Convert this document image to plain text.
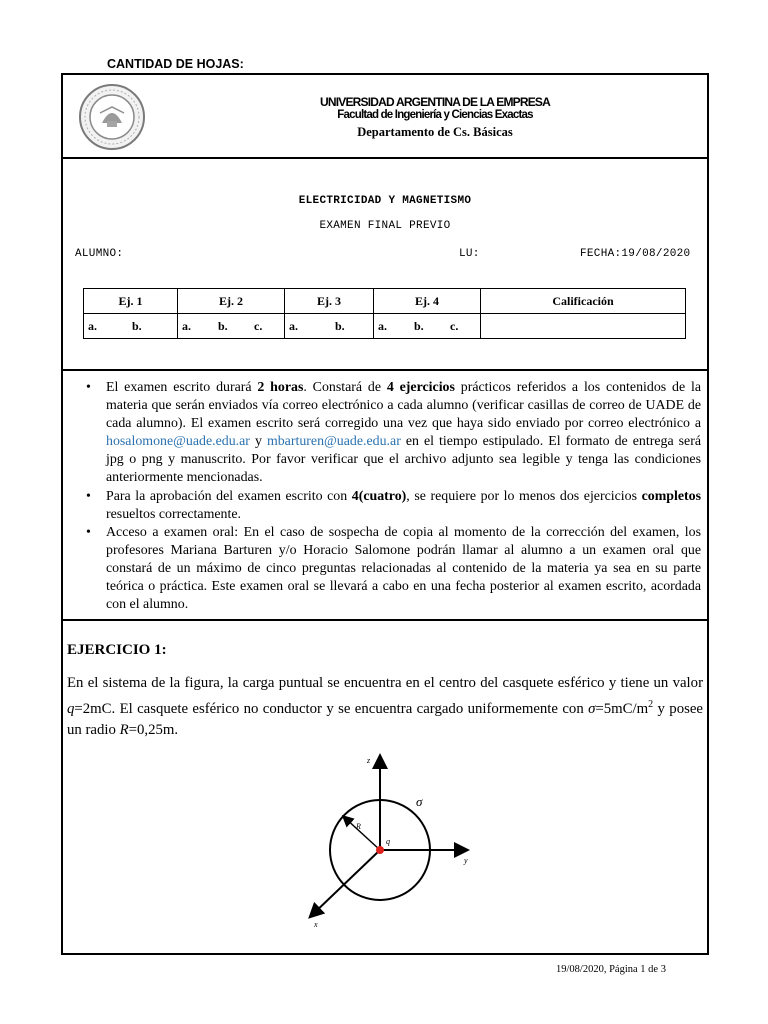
CANTIDAD DE HOJAS:
UNIVERSIDAD ARGENTINA DE LA EMPRESA
Facultad de Ingeniería y Ciencias Exactas
Departamento de Cs. Básicas
ELECTRICIDAD Y MAGNETISMO
EXAMEN FINAL PREVIO
ALUMNO:	LU:	FECHA:19/08/2020
Ej. 1	Ej. 2	Ej. 3	Ej. 4	Calificación
a. b.	a. b. c.	a. b.	a. b. c.	
• El examen escrito durará 2 horas. Constará de 4 ejercicios prácticos referidos a los contenidos de la materia que serán enviados vía correo electrónico a cada alumno (verificar casillas de correo de UADE de cada alumno). El examen escrito será corregido una vez que haya sido enviado por correo electrónico a hosalomone@uade.edu.ar y mbarturen@uade.edu.ar en el tiempo estipulado. El formato de entrega será jpg o png y manuscrito. Por favor verificar que el archivo adjunto sea legible y tenga las condiciones anteriormente mencionadas.
• Para la aprobación del examen escrito con 4(cuatro), se requiere por lo menos dos ejercicios completos resueltos correctamente.
• Acceso a examen oral: En el caso de sospecha de copia al momento de la corrección del examen, los profesores Mariana Barturen y/o Horacio Salomone podrán llamar al alumno a un examen oral que constará de un máximo de cinco preguntas relacionadas al contenido de la materia ya sea en su parte teórica o práctica. Este examen oral se llevará a cabo en una fecha posterior al examen escrito, acordada con el alumno.
EJERCICIO 1:
En el sistema de la figura, la carga puntual se encuentra en el centro del casquete esférico y tiene un valor q=2mC. El casquete esférico no conductor y se encuentra cargado uniformemente con $\sigma=5mC/m^2$ y posee un radio R=0,25m.
z
y
x
R
q
σ
19/08/2020, Página 1 de 3
